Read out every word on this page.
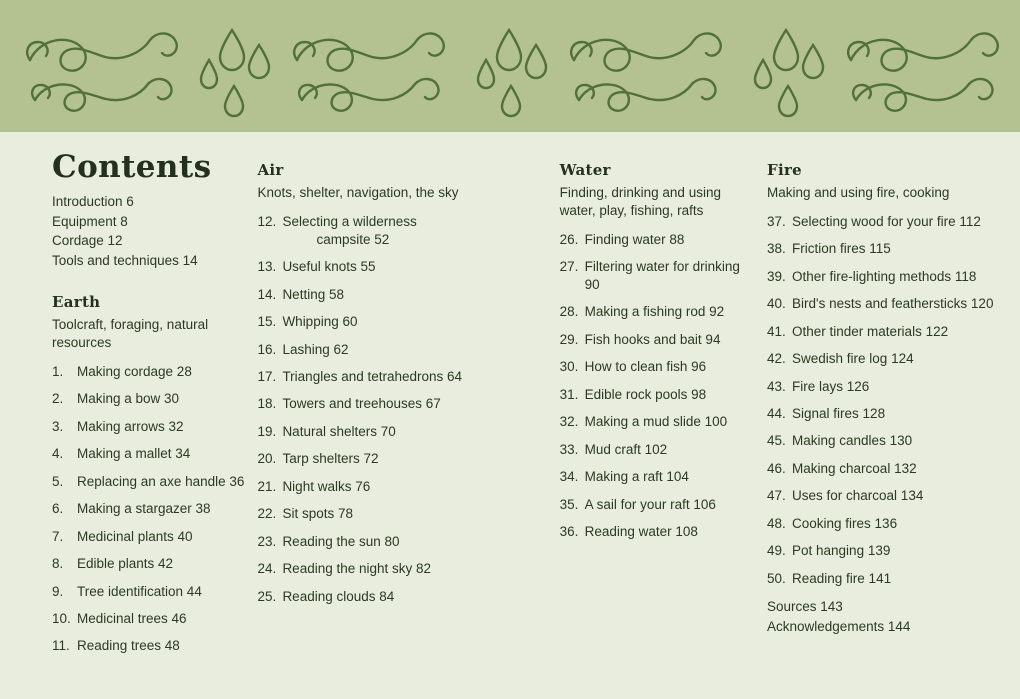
Contents
Introduction 6
Equipment 8
Cordage 12
Tools and techniques 14
Earth

Toolcraft, foraging, natural resources

1.	Making cordage 28
2.	Making a bow 30
3.	Making arrows 32
4.	Making a mallet 34
5.	Replacing an axe handle 36
6.	Making a stargazer 38
7.	Medicinal plants 40
8.	Edible plants 42
9.	Tree identification 44
10. Medicinal trees 46
11. Reading trees 48
Air

Knots, shelter, navigation, the sky

12. Selecting a wilderness
campsite 52
13. Useful knots 55
14. Netting 58
15. Whipping 60
16. Lashing 62
17. Triangles and tetrahedrons 64
18. Towers and treehouses 67
19. Natural shelters 70
20. Tarp shelters 72
21. Night walks 76
22. Sit spots 78
23. Reading the sun 80
24. Reading the night sky 82
25. Reading clouds 84
Water

Finding, drinking and using water, play, fishing, rafts

26. Finding water 88
27. Filtering water for drinking 90
28. Making a fishing rod 92
29. Fish hooks and bait 94
30. How to clean fish 96
31. Edible rock pools 98
32. Making a mud slide 100
33. Mud craft 102
34. Making a raft 104
35. A sail for your raft 106
36. Reading water 108
Fire

Making and using fire, cooking

37. Selecting wood for your fire 112
38. Friction fires 115
39. Other fire-lighting methods 118
40. Bird's nests and feathersticks 120
41. Other tinder materials 122
42. Swedish fire log 124
43. Fire lays 126
44. Signal fires 128
45. Making candles 130
46. Making charcoal 132
47. Uses for charcoal 134
48. Cooking fires 136
49. Pot hanging 139
50. Reading fire 141
Sources 143
Acknowledgements 144
